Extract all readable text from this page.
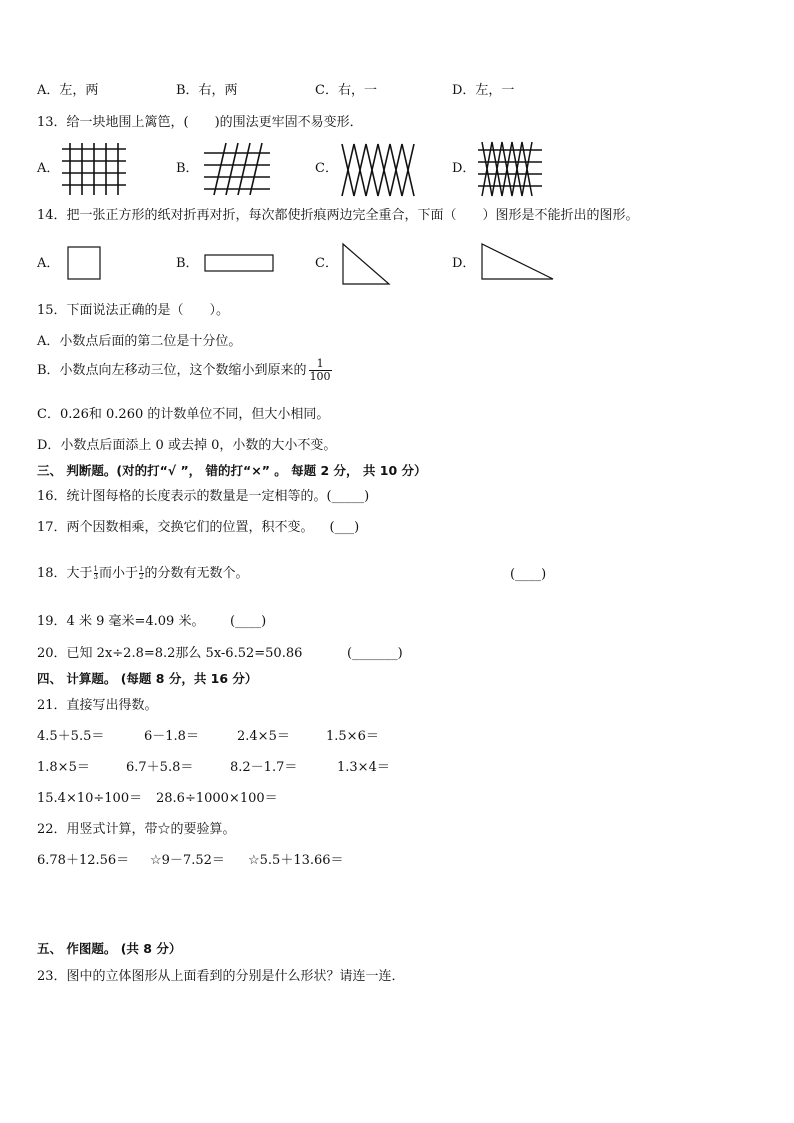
A．左，两	B．右，两	C．右，一	D．左，一
13．给一块地围上篱笆，(　　)的围法更牢固不易变形．
A．	B．	C．	D．
14．把一张正方形的纸对折再对折，每次都使折痕两边完全重合，下面（　　）图形是不能折出的图形。
A．	B．	C．	D．
15．下面说法正确的是（　　）。
A．小数点后面的第二位是十分位。
B．小数点向左移动三位，这个数缩小到原来的 $\frac{1}{100}$
C．0.26和 0.260 的计数单位不同，但大小相同。
D．小数点后面添上 0 或去掉 0，小数的大小不变。
三、 判断题。(对的打“√ ”， 错的打“×” 。 每题 2 分， 共 10 分）
16．统计图每格的长度表示的数量是一定相等的。(_____)
17．两个因数相乘，交换它们的位置，积不变。 (___)
18．大于 $\frac{1}{3}$ 而小于 $\frac{1}{2}$ 的分数有无数个。	(____)
19．4 米 9 毫米=4.09 米。 (____)
20．已知 2x÷2.8=8.2那么 5x-6.52=50.86	(_______)
四、 计算题。 (每题 8 分，共 16 分）
21．直接写出得数。
4.5＋5.5＝	6－1.8＝	2.4×5＝	1.5×6＝
1.8×5＝	6.7＋5.8＝	8.2－1.7＝	1.3×4＝
15.4×10÷100＝ 28.6÷1000×100＝
22．用竖式计算，带☆的要验算。
6.78＋12.56＝ ☆9－7.52＝ ☆5.5＋13.66＝
五、 作图题。 (共 8 分）
23．图中的立体图形从上面看到的分别是什么形状？请连一连．
